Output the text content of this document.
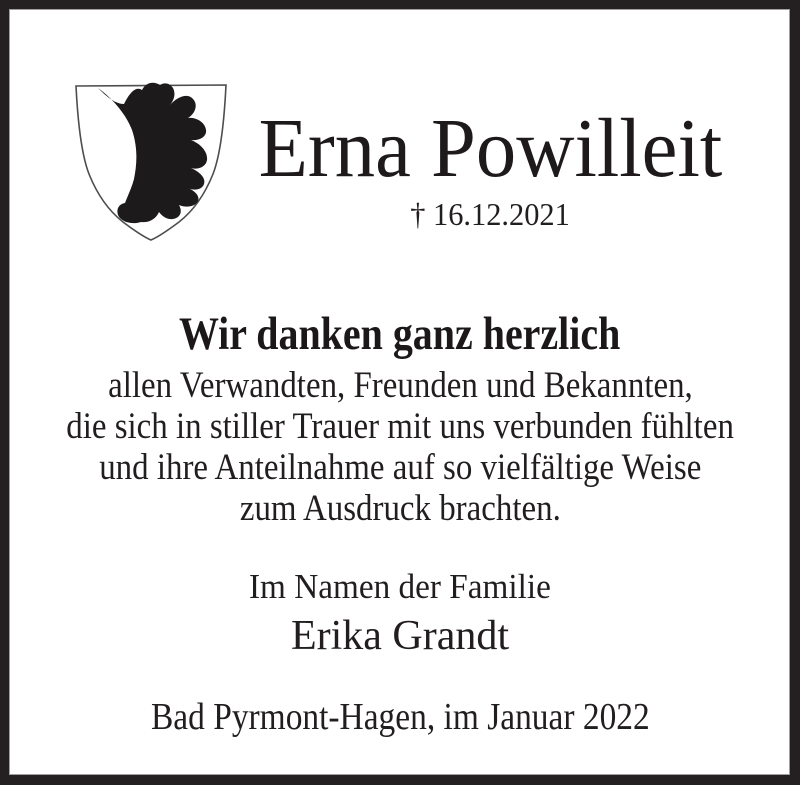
Erna Powilleit
† 16.12.2021
Wir danken ganz herzlich
allen Verwandten, Freunden und Bekannten,
die sich in stiller Trauer mit uns verbunden fühlten
und ihre Anteilnahme auf so vielfältige Weise
zum Ausdruck brachten.
Im Namen der Familie
Erika Grandt
Bad Pyrmont-Hagen, im Januar 2022
